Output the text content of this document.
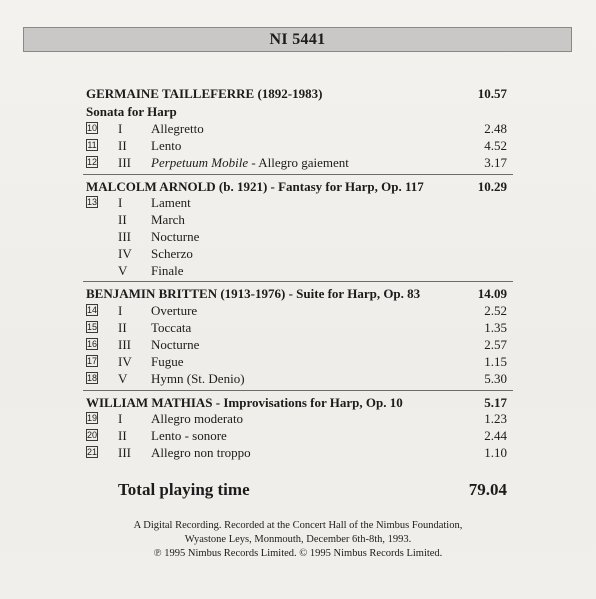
NI 5441
GERMAINE TAILLEFERRE (1892-1983)	10.57
Sonata for Harp
10 I Allegretto	2.48
11 II Lento	4.52
12 III Perpetuum Mobile - Allegro gaiement	3.17
MALCOLM ARNOLD (b. 1921) - Fantasy for Harp, Op. 117	10.29
13 I Lament
II March
III Nocturne
IV Scherzo
V Finale
BENJAMIN BRITTEN (1913-1976) - Suite for Harp, Op. 83	14.09
14 I Overture	2.52
15 II Toccata	1.35
16 III Nocturne	2.57
17 IV Fugue	1.15
18 V Hymn (St. Denio)	5.30
WILLIAM MATHIAS - Improvisations for Harp, Op. 10	5.17
19 I Allegro moderato	1.23
20 II Lento - sonore	2.44
21 III Allegro non troppo	1.10
Total playing time	79.04
A Digital Recording. Recorded at the Concert Hall of the Nimbus Foundation,
Wyastone Leys, Monmouth, December 6th-8th, 1993.
℗ 1995 Nimbus Records Limited. © 1995 Nimbus Records Limited.
